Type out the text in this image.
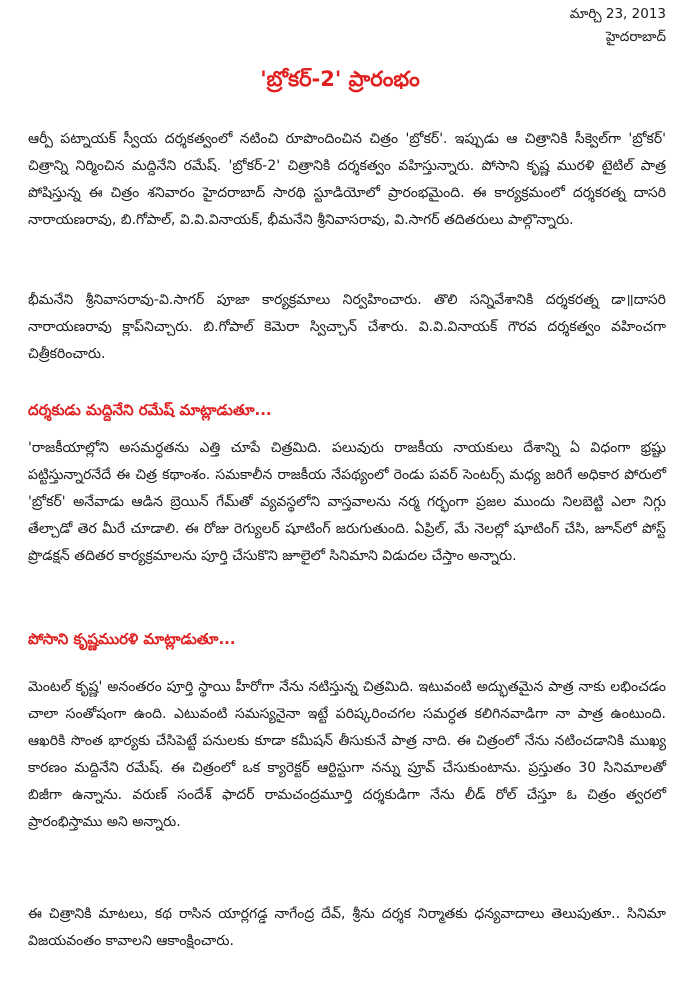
మార్చి 23, 2013
హైదరాబాద్
'బ్రోకర్-2' ప్రారంభం
ఆర్పీ పట్నాయక్ స్వీయ దర్శకత్వంలో నటించి రూపొందించిన చిత్రం 'బ్రోకర్'. ఇప్పుడు ఆ చిత్రానికి సీక్వెల్‌గా 'బ్రోకర్' చిత్రాన్ని నిర్మించిన మద్దినేని రమేష్. 'బ్రోకర్-2' చిత్రానికి దర్శకత్వం వహిస్తున్నారు. పోసాని కృష్ణ మురళి టైటిల్ పాత్ర పోషిస్తున్న ఈ చిత్రం శనివారం హైదరాబాద్ సారథి స్టూడియోలో ప్రారంభమైంది. ఈ కార్యక్రమంలో దర్శకరత్న దాసరి నారాయణరావు, బి.గోపాల్, వి.వి.వినాయక్, భీమనేని శ్రీనివాసరావు, వి.సాగర్ తదితరులు పాల్గొన్నారు.
భీమనేని శ్రీనివాసరావు-వి.సాగర్ పూజా కార్యక్రమాలు నిర్వహించారు. తొలి సన్నివేశానికి దర్శకరత్న డా॥దాసరి నారాయణరావు క్లాప్‌నిచ్చారు. బి.గోపాల్ కెమెరా స్విచ్చాన్ చేశారు. వి.వి.వినాయక్ గౌరవ దర్శకత్వం వహించగా చిత్రీకరించారు.
దర్శకుడు మద్దినేని రమేష్ మాట్లాడుతూ...
'రాజకీయాల్లోని అసమర్ధతను ఎత్తి చూపే చిత్రమిది. పలువురు రాజకీయ నాయకులు దేశాన్ని ఏ విధంగా భ్రష్టు పట్టిస్తున్నారనేదే ఈ చిత్ర కథాంశం. సమకాలీన రాజకీయ నేపథ్యంలో రెండు పవర్ సెంటర్స్ మధ్య జరిగే అధికార పోరులో 'బ్రోకర్' అనేవాడు ఆడిన బ్రెయిన్ గేమ్‌తో వ్యవస్థలోని వాస్తవాలను నర్మ గర్భంగా ప్రజల ముందు నిలబెట్టి ఎలా నిగ్గు తేల్చాడో తెర మీరే చూడాలి. ఈ రోజు రెగ్యులర్ షూటింగ్ జరుగుతుంది. ఏప్రిల్, మే నెలల్లో షూటింగ్ చేసి, జూన్‌లో పోస్ట్ ప్రొడక్షన్ తదితర కార్యక్రమాలను పూర్తి చేసుకొని జూలైలో సినిమాని విడుదల చేస్తాం అన్నారు.
పోసాని కృష్ణమురళి మాట్లాడుతూ...
మెంటల్ కృష్ణ' అనంతరం పూర్తి స్థాయి హీరోగా నేను నటిస్తున్న చిత్రమిది. ఇటువంటి అద్భుతమైన పాత్ర నాకు లభించడం చాలా సంతోషంగా ఉంది. ఎటువంటి సమస్యనైనా ఇట్టే పరిష్కరించగల సమర్ధత కలిగినవాడిగా నా పాత్ర ఉంటుంది. ఆఖరికి సొంత భార్యకు చేసిపెట్టే పనులకు కూడా కమీషన్ తీసుకునే పాత్ర నాది. ఈ చిత్రంలో నేను నటించడానికి ముఖ్య కారణం మద్దినేని రమేష్. ఈ చిత్రంలో ఒక క్యారెక్టర్ ఆర్టిస్టుగా నన్ను ప్రూవ్ చేసుకుంటాను. ప్రస్తుతం 30 సినిమాలతో బిజీగా ఉన్నాను. వరుణ్ సందేశ్ ఫాదర్ రామచంద్రమూర్తి దర్శకుడిగా నేను లీడ్ రోల్ చేస్తూ ఓ చిత్రం త్వరలో ప్రారంభిస్తాము అని అన్నారు.
ఈ చిత్రానికి మాటలు, కథ రాసిన యార్లగడ్డ నాగేంద్ర దేవ్, శ్రీను దర్శక నిర్మాతకు ధన్యవాదాలు తెలుపుతూ.. సినిమా విజయవంతం కావాలని ఆకాంక్షించారు.
